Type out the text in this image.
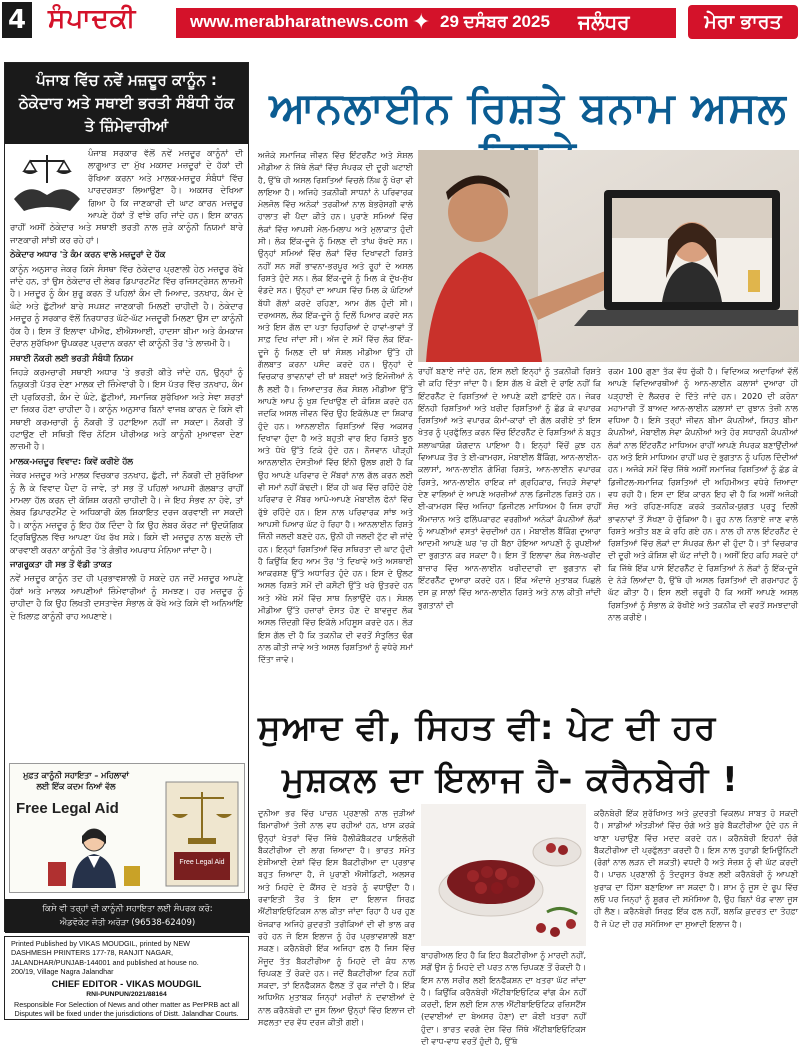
4 ਸੰਪਾਦਕੀ	www.merabharatnews.com ✦ 29 ਦਸੰਬਰ 2025 ਜਲੰਧਰ	ਮੇਰਾ ਭਾਰਤ
ਪੰਜਾਬ ਵਿੱਚ ਨਵੇਂ ਮਜ਼ਦੂਰ ਕਾਨੂੰਨ : ਠੇਕੇਦਾਰ ਅਤੇ ਸਥਾਈ ਭਰਤੀ ਸੰਬੰਧੀ ਹੱਕ ਤੇ ਜ਼ਿੰਮੇਵਾਰੀਆਂ

ਪੰਜਾਬ ਸਰਕਾਰ ਵੱਲੋਂ ਨਵੇਂ ਮਜ਼ਦੂਰ ਕਾਨੂੰਨਾਂ ਦੀ ਲਾਗੂਆਤ ਦਾ ਮੁੱਖ ਮਕਸਦ ਮਜ਼ਦੂਰਾਂ ਦੇ ਹੱਕਾਂ ਦੀ ਰੱਖਿਆ ਕਰਨਾ ਅਤੇ ਮਾਲਕ-ਮਜ਼ਦੂਰ ਸੰਬੰਧਾਂ ਵਿੱਚ ਪਾਰਦਰਸ਼ਤਾ ਲਿਆਉਣਾ ਹੈ। ਅਕਸਰ ਦੇਖਿਆ ਗਿਆ ਹੈ ਕਿ ਜਾਣਕਾਰੀ ਦੀ ਘਾਟ ਕਾਰਨ ਮਜ਼ਦੂਰ ਆਪਣੇ ਹੱਕਾਂ ਤੋਂ ਵਾਂਝੇ ਰਹਿ ਜਾਂਦੇ ਹਨ। ਇਸ ਕਾਰਨ ਰਾਹੀਂ ਅਸੀਂ ਠੇਕੇਦਾਰ ਅਤੇ ਸਥਾਈ ਭਰਤੀ ਨਾਲ ਜੁੜੇ ਕਾਨੂੰਨੀ ਨਿਯਮਾਂ ਬਾਰੇ ਜਾਣਕਾਰੀ ਸਾਂਝੀ ਕਰ ਰਹੇ ਹਾਂ।

ਠੇਕੇਦਾਰ ਅਧਾਰ 'ਤੇ ਕੰਮ ਕਰਨ ਵਾਲੇ ਮਜ਼ਦੂਰਾਂ ਦੇ ਹੱਕ

ਕਾਨੂੰਨ ਅਨੁਸਾਰ ਜੇਕਰ ਕਿਸੇ ਸੰਸਥਾ ਵਿੱਚ ਠੇਕੇਦਾਰ ਪ੍ਰਣਾਲੀ ਹੇਠ ਮਜ਼ਦੂਰ ਰੱਖੇ ਜਾਂਦੇ ਹਨ, ਤਾਂ ਉਸ ਠੇਕੇਦਾਰ ਦੀ ਲੇਬਰ ਡਿਪਾਰਟਮੈਂਟ ਵਿੱਚ ਰਜਿਸਟ੍ਰੇਸ਼ਨ ਲਾਜ਼ਮੀ ਹੈ। ਮਜ਼ਦੂਰ ਨੂੰ ਕੰਮ ਸ਼ੁਰੂ ਕਰਨ ਤੋਂ ਪਹਿਲਾਂ ਕੰਮ ਦੀ ਮਿਆਦ, ਤਨਖਾਹ, ਕੰਮ ਦੇ ਘੰਟੇ ਅਤੇ ਛੁੱਟੀਆਂ ਬਾਰੇ ਸਪਸ਼ਟ ਜਾਣਕਾਰੀ ਮਿਲਣੀ ਚਾਹੀਦੀ ਹੈ। ਠੇਕੇਦਾਰ ਮਜ਼ਦੂਰ ਨੂੰ ਸਰਕਾਰ ਵੱਲੋਂ ਨਿਰਧਾਰਤ ਘੱਟੋ-ਘੱਟ ਮਜ਼ਦੂਰੀ ਮਿਲਣਾ ਉਸ ਦਾ ਕਾਨੂੰਨੀ ਹੱਕ ਹੈ। ਇਸ ਤੋਂ ਇਲਾਵਾ ਪੀਐਫ, ਈਐਸਆਈ, ਹਾਦਸਾ ਬੀਮਾ ਅਤੇ ਕੰਮਕਾਜ ਦੌਰਾਨ ਸੁਰੱਖਿਆ ਉਪਕਰਣ ਪ੍ਰਦਾਨ ਕਰਨਾ ਵੀ ਕਾਨੂੰਨੀ ਤੌਰ 'ਤੇ ਲਾਜ਼ਮੀ ਹੈ।

ਸਥਾਈ ਨੌਕਰੀ ਲਈ ਭਰਤੀ ਸੰਬੰਧੀ ਨਿਯਮ

ਜਿਹੜੇ ਕਰਮਚਾਰੀ ਸਥਾਈ ਅਧਾਰ 'ਤੇ ਭਰਤੀ ਕੀਤੇ ਜਾਂਦੇ ਹਨ, ਉਨ੍ਹਾਂ ਨੂੰ ਨਿਯੁਕਤੀ ਪੱਤਰ ਦੇਣਾ ਮਾਲਕ ਦੀ ਜ਼ਿੰਮੇਵਾਰੀ ਹੈ। ਇਸ ਪੱਤਰ ਵਿੱਚ ਤਨਖਾਹ, ਕੰਮ ਦੀ ਪ੍ਰਕਿਰਤੀ, ਕੰਮ ਦੇ ਘੰਟੇ, ਛੁੱਟੀਆਂ, ਸਮਾਜਿਕ ਸੁਰੱਖਿਆ ਅਤੇ ਸੇਵਾ ਸ਼ਰਤਾਂ ਦਾ ਜ਼ਿਕਰ ਹੋਣਾ ਚਾਹੀਦਾ ਹੈ। ਕਾਨੂੰਨ ਅਨੁਸਾਰ ਬਿਨਾਂ ਵਾਜਬ ਕਾਰਨ ਦੇ ਕਿਸੇ ਵੀ ਸਥਾਈ ਕਰਮਚਾਰੀ ਨੂੰ ਨੌਕਰੀ ਤੋਂ ਹਟਾਇਆ ਨਹੀਂ ਜਾ ਸਕਦਾ। ਨੌਕਰੀ ਤੋਂ ਹਟਾਉਣ ਦੀ ਸਥਿਤੀ ਵਿੱਚ ਨੋਟਿਸ ਪੀਰੀਅਡ ਅਤੇ ਕਾਨੂੰਨੀ ਮੁਆਵਜ਼ਾ ਦੇਣਾ ਲਾਜ਼ਮੀ ਹੈ।

ਮਾਲਕ-ਮਜ਼ਦੂਰ ਵਿਵਾਦ: ਕਿਵੇਂ ਕਰੀਏ ਹੱਲ

ਜੇਕਰ ਮਜ਼ਦੂਰ ਅਤੇ ਮਾਲਕ ਵਿਚਕਾਰ ਤਨਖਾਹ, ਛੁੱਟੀ, ਜਾਂ ਨੌਕਰੀ ਦੀ ਸੁਰੱਖਿਆ ਨੂੰ ਲੈ ਕੇ ਵਿਵਾਦ ਪੈਦਾ ਹੋ ਜਾਵੇ, ਤਾਂ ਸਭ ਤੋਂ ਪਹਿਲਾਂ ਆਪਸੀ ਗੱਲਬਾਤ ਰਾਹੀਂ ਮਾਮਲਾ ਹੱਲ ਕਰਨ ਦੀ ਕੋਸ਼ਿਸ਼ ਕਰਨੀ ਚਾਹੀਦੀ ਹੈ। ਜੇ ਇਹ ਸੰਭਵ ਨਾ ਹੋਵੇ, ਤਾਂ ਲੇਬਰ ਡਿਪਾਰਟਮੈਂਟ ਦੇ ਅਧਿਕਾਰੀ ਕੋਲ ਸ਼ਿਕਾਇਤ ਦਰਜ ਕਰਵਾਈ ਜਾ ਸਕਦੀ ਹੈ। ਕਾਨੂੰਨ ਮਜ਼ਦੂਰ ਨੂੰ ਇਹ ਹੱਕ ਦਿੰਦਾ ਹੈ ਕਿ ਉਹ ਲੇਬਰ ਕੋਰਟ ਜਾਂ ਉਦਯੋਗਿਕ ਟ੍ਰਿਬਿਊਨਲ ਵਿੱਚ ਆਪਣਾ ਪੱਖ ਰੱਖ ਸਕੇ। ਕਿਸੇ ਵੀ ਮਜ਼ਦੂਰ ਨਾਲ ਬਦਲੇ ਦੀ ਕਾਰਵਾਈ ਕਰਨਾ ਕਾਨੂੰਨੀ ਤੌਰ 'ਤੇ ਗੰਭੀਰ ਅਪਰਾਧ ਮੰਨਿਆ ਜਾਂਦਾ ਹੈ।

ਜਾਗਰੂਕਤਾ ਹੀ ਸਭ ਤੋਂ ਵੱਡੀ ਤਾਕਤ

ਨਵੇਂ ਮਜ਼ਦੂਰ ਕਾਨੂੰਨ ਤਦ ਹੀ ਪ੍ਰਭਾਵਸ਼ਾਲੀ ਹੋ ਸਕਦੇ ਹਨ ਜਦੋਂ ਮਜ਼ਦੂਰ ਆਪਣੇ ਹੱਕਾਂ ਅਤੇ ਮਾਲਕ ਆਪਣੀਆਂ ਜ਼ਿੰਮੇਵਾਰੀਆਂ ਨੂੰ ਸਮਝਣ। ਹਰ ਮਜ਼ਦੂਰ ਨੂੰ ਚਾਹੀਦਾ ਹੈ ਕਿ ਉਹ ਲਿਖਤੀ ਦਸਤਾਵੇਜ਼ ਸੰਭਾਲ ਕੇ ਰੱਖੇ ਅਤੇ ਕਿਸੇ ਵੀ ਅਨਿਆਂਇ ਦੇ ਖ਼ਿਲਾਫ਼ ਕਾਨੂੰਨੀ ਰਾਹ ਅਪਣਾਏ।

ਮੁਫ਼ਤ ਕਾਨੂੰਨੀ ਸਹਾਇਤਾ – ਮਹਿਲਾਵਾਂ ਲਈ ਇੱਕ ਕਦਮ ਨਿਆਂ ਵੱਲ
Free Legal Aid
Free Legal Aid
ਕਿਸੇ ਵੀ ਤਰ੍ਹਾਂ ਦੀ ਕਾਨੂੰਨੀ ਸਹਾਇਤਾ ਲਈ ਸੰਪਰਕ ਕਰੋ:
ਐਡਵੋਕੇਟ ਜੋਤੀ ਅਰੋੜਾ (96538-62409)
Printed Published by VIKAS MOUDGIL, printed by NEW
DASHMESH PRINTERS 177-78, RANJIT NAGAR,
JALANDHAR/PUNJAB-144001 and published at house no.
200/19, Village Nagra Jalandhar
CHIEF EDITOR - VIKAS MOUDGIL
RNI-PUNPUN/2021/88164
Responsible For Selection of News and other matter as PerPRB act all Disputes will be fixed under the jurisdictions of Distt. Jalandhar Courts.
ਆਨਲਾਈਨ ਰਿਸ਼ਤੇ ਬਨਾਮ ਅਸਲ
ਅਜੋਕੇ ਸਮਾਜਿਕ ਜੀਵਨ ਵਿੱਚ ਇੰਟਰਨੈੱਟ ਅਤੇ ਸੋਸ਼ਲ ਮੀਡੀਆ ਨੇ ਜਿੱਥੇ ਲੋਕਾਂ ਵਿੱਚ ਸੰਪਰਕ ਦੀ ਦੂਰੀ ਘਟਾਈ ਹੈ, ਉੱਥੇ ਹੀ ਅਸਲ ਰਿਸ਼ਤਿਆਂ ਵਿਚਲੇ ਨਿੱਘ ਨੂੰ ਖੋਰਾ ਵੀ ਲਾਇਆ ਹੈ। ਅਜਿਹੇ ਤਕਨੀਕੀ ਸਾਧਨਾਂ ਨੇ ਪਰਿਵਾਰਕ ਮੇਲਜੋਲ ਵਿੱਚ ਅਨੇਕਾਂ ਤਰਕੀਆਂ ਨਾਲ ਬੇਭਰੋਸਗੀ ਵਾਲੇ ਹਾਲਾਤ ਵੀ ਪੈਦਾ ਕੀਤੇ ਹਨ। ਪੁਰਾਣੇ ਸਮਿਆਂ ਵਿੱਚ ਲੋਕਾਂ ਵਿੱਚ ਆਪਸੀ ਮੇਲ-ਮਿਲਾਪ ਅਤੇ ਮੁਲਾਕਾਤ ਹੁੰਦੀ ਸੀ। ਲੋਕ ਇੱਕ-ਦੂਜੇ ਨੂੰ ਮਿਲਣ ਦੀ ਤਾਂਘ ਰੱਖਦੇ ਸਨ। ਉਨ੍ਹਾਂ ਸਮਿਆਂ ਵਿੱਚ ਲੋਕਾਂ ਵਿੱਚ ਦਿਖਾਵਟੀ ਰਿਸ਼ਤੇ ਨਹੀਂ ਸਨ ਸਗੋਂ ਭਾਵਨਾ-ਭਰਪੂਰ ਅਤੇ ਰੂਹਾਂ ਦੇ ਅਸਲ ਰਿਸ਼ਤੇ ਹੁੰਦੇ ਸਨ। ਲੋਕ ਇੱਕ-ਦੂਜੇ ਨੂੰ ਮਿਲ ਕੇ ਦੁੱਖ-ਸੁੱਖ ਵੰਡਦੇ ਸਨ। ਉਨ੍ਹਾਂ ਦਾ ਆਪਸ ਵਿੱਚ ਮਿਲ ਕੇ ਘੰਟਿਆਂ ਬੱਧੀ ਗੱਲਾਂ ਕਰਦੇ ਰਹਿਣਾ, ਆਮ ਗੱਲ ਹੁੰਦੀ ਸੀ। ਦਰਅਸਲ, ਲੋਕ ਇੱਕ-ਦੂਜੇ ਨੂੰ ਦਿਲੋਂ ਪਿਆਰ ਕਰਦੇ ਸਨ ਅਤੇ ਇਸ ਗੱਲ ਦਾ ਪਤਾ ਚਿਹਰਿਆਂ ਦੇ ਹਾਵਾਂ-ਭਾਵਾਂ ਤੋਂ ਸਾਫ਼ ਦਿਖ ਜਾਂਦਾ ਸੀ। ਅੱਜ ਦੇ ਸਮੇਂ ਵਿੱਚ ਲੋਕ ਇੱਕ-ਦੂਜੇ ਨੂੰ ਮਿਲਣ ਦੀ ਥਾਂ ਸੋਸ਼ਲ ਮੀਡੀਆ ਉੱਤੇ ਹੀ ਗੱਲਬਾਤ ਕਰਨਾ ਪਸੰਦ ਕਰਦੇ ਹਨ। ਉਨ੍ਹਾਂ ਦੇ ਵਿਚਕਾਰ ਭਾਵਨਾਵਾਂ ਦੀ ਥਾਂ ਸ਼ਬਦਾਂ ਅਤੇ ਇਮੋਜੀਆਂ ਨੇ ਲੈ ਲਈ ਹੈ। ਜ਼ਿਆਦਾਤਰ ਲੋਕ ਸੋਸ਼ਲ ਮੀਡੀਆ ਉੱਤੇ ਆਪਣੇ ਆਪ ਨੂੰ ਖੁਸ਼ ਦਿਖਾਉਣ ਦੀ ਕੋਸ਼ਿਸ਼ ਕਰਦੇ ਹਨ ਜਦਕਿ ਅਸਲ ਜੀਵਨ ਵਿੱਚ ਉਹ ਇਕੱਲੇਪਣ ਦਾ ਸ਼ਿਕਾਰ ਹੁੰਦੇ ਹਨ। ਆਨਲਾਈਨ ਰਿਸ਼ਤਿਆਂ ਵਿੱਚ ਅਕਸਰ ਦਿਖਾਵਾ ਹੁੰਦਾ ਹੈ ਅਤੇ ਬਹੁਤੀ ਵਾਰ ਇਹ ਰਿਸ਼ਤੇ ਝੂਠ ਅਤੇ ਧੋਖੇ ਉੱਤੇ ਟਿਕੇ ਹੁੰਦੇ ਹਨ। ਨੌਜਵਾਨ ਪੀੜ੍ਹੀ ਆਨਲਾਈਨ ਦੋਸਤੀਆਂ ਵਿੱਚ ਇੰਨੀ ਉਲਝ ਗਈ ਹੈ ਕਿ ਉਹ ਆਪਣੇ ਪਰਿਵਾਰ ਦੇ ਮੈਂਬਰਾਂ ਨਾਲ ਗੱਲ ਕਰਨ ਲਈ ਵੀ ਸਮਾਂ ਨਹੀਂ ਕੱਢਦੀ। ਇੱਕ ਹੀ ਘਰ ਵਿੱਚ ਰਹਿੰਦੇ ਹੋਏ ਪਰਿਵਾਰ ਦੇ ਮੈਂਬਰ ਆਪੋ-ਆਪਣੇ ਮੋਬਾਈਲ ਫੋਨਾਂ ਵਿੱਚ ਰੁੱਝੇ ਰਹਿੰਦੇ ਹਨ। ਇਸ ਨਾਲ ਪਰਿਵਾਰਕ ਸਾਂਝ ਅਤੇ ਆਪਸੀ ਪਿਆਰ ਘੱਟ ਹੋ ਰਿਹਾ ਹੈ। ਆਨਲਾਈਨ ਰਿਸ਼ਤੇ ਜਿੰਨੀ ਜਲਦੀ ਬਣਦੇ ਹਨ, ਉਨੀ ਹੀ ਜਲਦੀ ਟੁੱਟ ਵੀ ਜਾਂਦੇ ਹਨ। ਇਨ੍ਹਾਂ ਰਿਸ਼ਤਿਆਂ ਵਿੱਚ ਸਥਿਰਤਾ ਦੀ ਘਾਟ ਹੁੰਦੀ ਹੈ ਕਿਉਂਕਿ ਇਹ ਆਮ ਤੌਰ 'ਤੇ ਦਿਖਾਵੇ ਅਤੇ ਅਸਥਾਈ ਆਕਰਸ਼ਣ ਉੱਤੇ ਅਧਾਰਿਤ ਹੁੰਦੇ ਹਨ। ਇਸ ਦੇ ਉਲਟ ਅਸਲ ਰਿਸ਼ਤੇ ਸਮੇਂ ਦੀ ਕਸੌਟੀ ਉੱਤੇ ਖਰੇ ਉਤਰਦੇ ਹਨ ਅਤੇ ਔਖੇ ਸਮੇਂ ਵਿੱਚ ਸਾਥ ਨਿਭਾਉਂਦੇ ਹਨ। ਸੋਸ਼ਲ ਮੀਡੀਆ ਉੱਤੇ ਹਜ਼ਾਰਾਂ ਦੋਸਤ ਹੋਣ ਦੇ ਬਾਵਜੂਦ ਲੋਕ ਅਸਲ ਜ਼ਿੰਦਗੀ ਵਿੱਚ ਇਕੱਲੇ ਮਹਿਸੂਸ ਕਰਦੇ ਹਨ। ਲੋੜ ਇਸ ਗੱਲ ਦੀ ਹੈ ਕਿ ਤਕਨੀਕ ਦੀ ਵਰਤੋਂ ਸੰਤੁਲਿਤ ਢੰਗ ਨਾਲ ਕੀਤੀ ਜਾਵੇ ਅਤੇ ਅਸਲ ਰਿਸ਼ਤਿਆਂ ਨੂੰ ਵਧੇਰੇ ਸਮਾਂ ਦਿੱਤਾ ਜਾਵੇ।
ਰਾਹੀਂ ਬਣਾਏ ਜਾਂਦੇ ਹਨ, ਇਸ ਲਈ ਇਨ੍ਹਾਂ ਨੂੰ ਤਕਨੀਕੀ ਰਿਸ਼ਤੇ ਵੀ ਕਹਿ ਦਿੱਤਾ ਜਾਂਦਾ ਹੈ। ਇਸ ਗੱਲ ਖੋ ਕੋਈ ਦੋ ਰਾਇ ਨਹੀਂ ਕਿ ਇੰਟਰਨੈੱਟ ਦੇ ਰਿਸ਼ਤਿਆਂ ਦੇ ਆਪਣੇ ਕਈ ਫ਼ਾਇਦੇ ਹਨ। ਜੇਕਰ ਇੰਨਹੀ ਰਿਸ਼ਤਿਆਂ ਅਤੇ ਖ਼ਰੀਦ ਰਿਸ਼ਤਿਆਂ ਨੂੰ ਛੱਡ ਕੇ ਵਪਾਰਕ ਰਿਸ਼ਤਿਆਂ ਅਤੇ ਵਪਾਰਕ ਕੰਮਾਂ-ਕਾਰਾਂ ਦੀ ਗੱਲ ਕਰੀਏ ਤਾਂ ਇਸ ਖੇਤਰ ਨੂੰ ਪ੍ਰਫੁੱਲਿਤ ਕਰਨ ਵਿੱਚ ਇੰਟਰਨੈੱਟ ਦੇ ਰਿਸ਼ਤਿਆਂ ਨੇ ਬਹੁਤ ਸ਼ਲਾਘਾਯੋਗ ਯੋਗਦਾਨ ਪਾਇਆ ਹੈ। ਇਨ੍ਹਾਂ ਵਿੱਚੋਂ ਕੁਝ ਹਨ ਵਿਆਪਕ ਤੌਰ ਤੇ ਈ-ਕਾਮਰਸ, ਮੋਬਾਈਲ ਬੈਂਕਿੰਗ, ਆਨ-ਲਾਈਨ-ਕਲਾਸਾਂ, ਆਨ-ਲਾਈਨ ਗੇਮਿੰਗ ਰਿਸ਼ਤੇ, ਆਨ-ਲਾਈਨ ਵਪਾਰਕ ਰਿਸ਼ਤੇ, ਆਨ-ਲਾਈਨ ਰਾਇਕ ਜਾਂ ਗ੍ਰਹਿਕਾਰ, ਜਿਹੜੇ ਸੇਵਾਵਾਂ ਦੇਣ ਵਾਲਿਆਂ ਦੇ ਆਪਣੇ ਅਰਜ਼ੀਆਂ ਨਾਲ ਡਿਜੀਟਲ ਰਿਸ਼ਤੇ ਹਨ। ਈ-ਕਾਮਰਸ ਵਿੱਚ ਅਜਿਹਾ ਡਿਜੀਟਲ ਮਾਧਿਅਮ ਹੈ ਜਿਸ ਰਾਹੀਂ ਐਮਾਜ਼ਾਨ ਅਤੇ ਫਲਿੱਪਕਾਰਟ ਵਰਗੀਆਂ ਅਨੇਕਾਂ ਕੰਪਨੀਆਂ ਲੋਕਾਂ ਨੂੰ ਆਪਣੀਆਂ ਵਸਤਾਂ ਵੇਚਦੀਆਂ ਹਨ। ਮੋਬਾਈਲ ਬੈਂਕਿੰਗ ਦੁਆਰਾ ਆਦਮੀ ਆਪਣੇ ਘਰ 'ਚ ਹੀ ਬੈਠਾ ਹੋਇਆ ਆਪਣੀ ਨੂੰ ਰੁਪਈਆਂ ਦਾ ਭੁਗਤਾਨ ਕਰ ਸਕਦਾ ਹੈ। ਇਸ ਤੋਂ ਇਲਾਵਾ ਲੋਕ ਸੇਲ-ਖਰੀਦ ਬਾਜ਼ਾਰ ਵਿੱਚ ਆਨ-ਲਾਈਨ ਖਰੀਦਦਾਰੀ ਦਾ ਭੁਗਤਾਨ ਵੀ ਇੰਟਰਨੈੱਟ ਦੁਆਰਾ ਕਰਦੇ ਹਨ। ਇੱਕ ਅੰਦਾਜ਼ੇ ਮੁਤਾਬਕ ਪਿਛਲੇ ਦਸ ਕੁ ਸਾਲਾਂ ਵਿੱਚ ਆਨ-ਲਾਈਨ ਰਿਸ਼ਤੇ ਅਤੇ ਨਾਲ ਕੀਤੀ ਜਾਂਦੀ ਭੁਗਤਾਨਾਂ ਦੀ
ਰਕਮ 100 ਗੁਣਾ ਤੱਕ ਵੱਧ ਚੁੱਕੀ ਹੈ। ਵਿਦਿਅਕ ਅਦਾਰਿਆਂ ਵੱਲੋਂ ਆਪਣੇ ਵਿਦਿਆਰਥੀਆਂ ਨੂੰ ਆਨ-ਲਾਈਨ ਕਲਾਸਾਂ ਦੁਆਰਾ ਹੀ ਪੜ੍ਹਾਈ ਦੇ ਲੈਕਚਰ ਦੇ ਦਿੱਤੇ ਜਾਂਦੇ ਹਨ। 2020 ਦੀ ਕਰੋਨਾ ਮਹਾਮਾਰੀ ਤੋਂ ਬਾਅਦ ਆਨ-ਲਾਈਨ ਕਲਾਸਾਂ ਦਾ ਰੁਝਾਨ ਤੇਜ਼ੀ ਨਾਲ ਵਧਿਆ ਹੈ। ਇਸੇ ਤਰ੍ਹਾਂ ਜੀਵਨ ਬੀਮਾ ਕੰਪਨੀਆਂ, ਸਿਹਤ ਬੀਮਾ ਕੰਪਨੀਆਂ, ਮੋਬਾਈਲ ਸੇਵਾ ਕੰਪਨੀਆਂ ਅਤੇ ਹੋਰ ਸਧਾਰਨੀ ਕੰਪਨੀਆਂ ਲੋਕਾਂ ਨਾਲ ਇੰਟਰਨੈੱਟ ਮਾਧਿਅਮ ਰਾਹੀਂ ਆਪਣੇ ਸੰਪਰਕ ਬਣਾਉਂਦੀਆਂ ਹਨ ਅਤੇ ਇਸੇ ਮਾਧਿਅਮ ਰਾਹੀਂ ਘਰ ਦੇ ਭੁਗਤਾਨ ਨੂੰ ਪਹਿਲ ਦਿੰਦੀਆਂ ਹਨ। ਅਜੋਕੇ ਸਮੇਂ ਵਿੱਚ ਜਿੱਥੇ ਅਸੀਂ ਸਮਾਜਿਕ ਰਿਸ਼ਤਿਆਂ ਨੂੰ ਛੱਡ ਕੇ ਡਿਜੀਟਲ-ਸਮਾਜਿਕ ਰਿਸ਼ਤਿਆਂ ਦੀ ਅਹਿਮੀਅਤ ਵਧੇਰੇ ਜ਼ਿਆਦਾ ਵਧ ਰਹੀ ਹੈ। ਇਸ ਦਾ ਇੱਕ ਕਾਰਨ ਇਹ ਵੀ ਹੈ ਕਿ ਅਸੀਂ ਅਜੋਕੀ ਸੋਚ ਅਤੇ ਰਹਿਣ-ਸਹਿਣ ਕਰਕੇ ਤਕਨੀਕ-ਯੁਗਤ ਪ੍ਰਤੂ ਦਿਲੀ ਭਾਵਨਾਵਾਂ ਤੋਂ ਸੱਖਣਾ ਹੋ ਚੁੱਕਿਆ ਹੈ। ਰੂਹ ਨਾਲ ਨਿਭਾਏ ਜਾਣ ਵਾਲੇ ਰਿਸ਼ਤੇ ਅਤੀਤ ਬਣ ਕੇ ਰਹਿ ਗਏ ਹਨ। ਨਾਲ ਹੀ ਨਾਲ ਇੰਟਰਨੈੱਟ ਦੇ ਰਿਸ਼ਤਿਆਂ ਵਿੱਚ ਲੋਕਾਂ ਦਾ ਸੰਪਰਕ ਲੰਮਾ ਵੀ ਹੁੰਦਾ ਹੈ। ਤਾਂ ਵਿਚਕਾਰ ਦੀ ਦੂਰੀ ਅਤੇ ਕੋਸ਼ਿਸ਼ ਵੀ ਘੱਟ ਜਾਂਦੀ ਹੈ। ਅਸੀਂ ਇਹ ਕਹਿ ਸਕਦੇ ਹਾਂ ਕਿ ਜਿੱਥੇ ਇੱਕ ਪਾਸੇ ਇੰਟਰਨੈੱਟ ਦੇ ਰਿਸ਼ਤਿਆਂ ਨੇ ਲੋਕਾਂ ਨੂੰ ਇੱਕ-ਦੂਜੇ ਦੇ ਨੇੜੇ ਲਿਆਂਦਾ ਹੈ, ਉੱਥੇ ਹੀ ਅਸਲ ਰਿਸ਼ਤਿਆਂ ਦੀ ਗਰਮਾਹਟ ਨੂੰ ਘੱਟ ਕੀਤਾ ਹੈ। ਇਸ ਲਈ ਜ਼ਰੂਰੀ ਹੈ ਕਿ ਅਸੀਂ ਆਪਣੇ ਅਸਲ ਰਿਸ਼ਤਿਆਂ ਨੂੰ ਸੰਭਾਲ ਕੇ ਰੱਖੀਏ ਅਤੇ ਤਕਨੀਕ ਦੀ ਵਰਤੋਂ ਸਮਝਦਾਰੀ ਨਾਲ ਕਰੀਏ।
ਸੁਆਦ ਵੀ, ਸਿਹਤ ਵੀ: ਪੇਟ ਦੀ ਹਰ
ਮੁਸ਼ਕਲ ਦਾ ਇਲਾਜ ਹੈ- ਕਰੈਨਬੇਰੀ !
ਦੁਨੀਆ ਭਰ ਵਿੱਚ ਪਾਚਨ ਪ੍ਰਣਾਲੀ ਨਾਲ ਜੁੜੀਆਂ ਬਿਮਾਰੀਆਂ ਤੇਜ਼ੀ ਨਾਲ ਵਧ ਰਹੀਆਂ ਹਨ, ਖਾਸ ਕਰਕੇ ਉਨ੍ਹਾਂ ਖੇਤਰਾਂ ਵਿੱਚ ਜਿੱਥੇ ਹੈਲੀਕੋਬੈਕਟਰ ਪਾਇਲੋਰੀ ਬੈਕਟੀਰੀਆ ਦੀ ਲਾਗ ਜ਼ਿਆਦਾ ਹੈ। ਭਾਰਤ ਸਮੇਤ ਏਸ਼ੀਆਈ ਦੇਸ਼ਾਂ ਵਿੱਚ ਇਸ ਬੈਕਟੀਰੀਆ ਦਾ ਪ੍ਰਭਾਵ ਬਹੁਤ ਜ਼ਿਆਦਾ ਹੈ, ਜੋ ਪੁਰਾਣੀ ਐਸੀਡਿਟੀ, ਅਲਸਰ ਅਤੇ ਮਿਹਦੇ ਦੇ ਕੈਂਸਰ ਦੇ ਖ਼ਤਰੇ ਨੂੰ ਵਧਾਉਂਦਾ ਹੈ। ਰਵਾਇਤੀ ਤੌਰ ਤੇ ਇਸ ਦਾ ਇਲਾਜ ਸਿਰਫ਼ ਐਂਟੀਬਾਇਓਟਿਕਸ ਨਾਲ ਕੀਤਾ ਜਾਂਦਾ ਰਿਹਾ ਹੈ ਪਰ ਹੁਣ ਖੋਜਕਾਰ ਅਜਿਹੇ ਕੁਦਰਤੀ ਤਰੀਕਿਆਂ ਦੀ ਵੀ ਭਾਲ ਕਰ ਰਹੇ ਹਨ ਜੋ ਇਸ ਇਲਾਜ ਨੂੰ ਹੋਰ ਪ੍ਰਭਾਵਸ਼ਾਲੀ ਬਣਾ ਸਕਣ। ਕਰੈਨਬੇਰੀ ਇੱਕ ਅਜਿਹਾ ਫਲ ਹੈ ਜਿਸ ਵਿੱਚ ਮੌਜੂਦ ਤੱਤ ਬੈਕਟੀਰੀਆ ਨੂੰ ਮਿਹਦੇ ਦੀ ਕੰਧ ਨਾਲ ਚਿਪਕਣ ਤੋਂ ਰੋਕਦੇ ਹਨ। ਜਦੋਂ ਬੈਕਟੀਰੀਆ ਟਿਕ ਨਹੀਂ ਸਕਦਾ, ਤਾਂ ਇਨਫੈਕਸ਼ਨ ਫੈਲਣ ਤੋਂ ਰੁਕ ਜਾਂਦੀ ਹੈ। ਇੱਕ ਅਧਿਐਨ ਮੁਤਾਬਕ ਜਿਨ੍ਹਾਂ ਮਰੀਜ਼ਾਂ ਨੇ ਦਵਾਈਆਂ ਦੇ ਨਾਲ ਕਰੈਨਬੇਰੀ ਦਾ ਜੂਸ ਲਿਆ ਉਨ੍ਹਾਂ ਵਿੱਚ ਇਲਾਜ ਦੀ ਸਫਲਤਾ ਦਰ ਵੱਧ ਦਰਜ ਕੀਤੀ ਗਈ।
ਬਾਹਰੀਅਲ ਇਹ ਹੈ ਕਿ ਇਹ ਬੈਕਟੀਰੀਆ ਨੂੰ ਮਾਰਦੀ ਨਹੀਂ, ਸਗੋਂ ਉਸ ਨੂੰ ਮਿਹਦੇ ਦੀ ਪਰਤ ਨਾਲ ਚਿਪਕਣ ਤੋਂ ਰੋਕਦੀ ਹੈ। ਇਸ ਨਾਲ ਸਰੀਰ ਲਈ ਇਨਫੈਕਸ਼ਨ ਦਾ ਖ਼ਤਰਾ ਘੱਟ ਜਾਂਦਾ ਹੈ। ਕਿਉਂਕਿ ਕਰੈਨਬੇਰੀ ਐਂਟੀਬਾਇਓਟਿਕ ਵਾਂਗ ਕੰਮ ਨਹੀਂ ਕਰਦੀ, ਇਸ ਲਈ ਇਸ ਨਾਲ ਐਂਟੀਬਾਇਓਟਿਕ ਰਜ਼ਿਸਟੈਂਸ (ਦਵਾਈਆਂ ਦਾ ਬੇਅਸਰ ਹੋਣਾ) ਦਾ ਕੋਈ ਖ਼ਤਰਾ ਨਹੀਂ ਹੁੰਦਾ। ਭਾਰਤ ਵਰਗੇ ਦੇਸ਼ ਵਿੱਚ ਜਿੱਥੇ ਐਂਟੀਬਾਇਓਟਿਕਸ ਦੀ ਵਾਧ-ਵਾਧ ਵਰਤੋਂ ਹੁੰਦੀ ਹੈ, ਉੱਥੇ
ਕਰੈਨਬੇਰੀ ਇੱਕ ਸੁਰੱਖਿਅਤ ਅਤੇ ਕੁਦਰਤੀ ਵਿਕਲਪ ਸਾਬਤ ਹੋ ਸਕਦੀ ਹੈ। ਸਾਡੀਆਂ ਅੰਤੜੀਆਂ ਵਿੱਚ ਚੰਗੇ ਅਤੇ ਬੁਰੇ ਬੈਕਟੀਰੀਆ ਹੁੰਦੇ ਹਨ ਜੋ ਖਾਣਾ ਪਚਾਉਣ ਵਿੱਚ ਮਦਦ ਕਰਦੇ ਹਨ। ਕਰੈਨਬੇਰੀ ਇਹਨਾਂ ਚੰਗੇ ਬੈਕਟੀਰੀਆ ਦੀ ਪ੍ਰਫੁੱਲਤਾ ਕਰਦੀ ਹੈ। ਇਸ ਨਾਲ ਤੁਹਾਡੀ ਇਮਿਊਨਿਟੀ (ਰੋਗਾਂ ਨਾਲ ਲੜਨ ਦੀ ਸ਼ਕਤੀ) ਵਧਦੀ ਹੈ ਅਤੇ ਸੋਜ਼ਸ਼ ਨੂੰ ਵੀ ਘੱਟ ਕਰਦੀ ਹੈ। ਪਾਚਨ ਪ੍ਰਣਾਲੀ ਨੂੰ ਤੰਦਰੁਸਤ ਰੱਖਣ ਲਈ ਕਰੈਨਬੇਰੀ ਨੂੰ ਆਪਣੀ ਖੁਰਾਕ ਦਾ ਹਿੱਸਾ ਬਣਾਇਆ ਜਾ ਸਕਦਾ ਹੈ। ਸ਼ਾਮ ਨੂੰ ਜੂਸ ਦੇ ਰੂਪ ਵਿੱਚ ਲਓ ਪਰ ਜਿਨ੍ਹਾਂ ਨੂੰ ਸ਼ੂਗਰ ਦੀ ਸਮੱਸਿਆ ਹੈ, ਉਹ ਬਿਨਾਂ ਖੰਡ ਵਾਲਾ ਜੂਸ ਹੀ ਲੈਣ। ਕਰੈਨਬੇਰੀ ਸਿਰਫ਼ ਇੱਕ ਫਲ ਨਹੀਂ, ਬਲਕਿ ਕੁਦਰਤ ਦਾ ਤੋਹਫ਼ਾ ਹੈ ਜੋ ਪੇਟ ਦੀ ਹਰ ਸਮੱਸਿਆ ਦਾ ਸੁਆਦੀ ਇਲਾਜ ਹੈ।
